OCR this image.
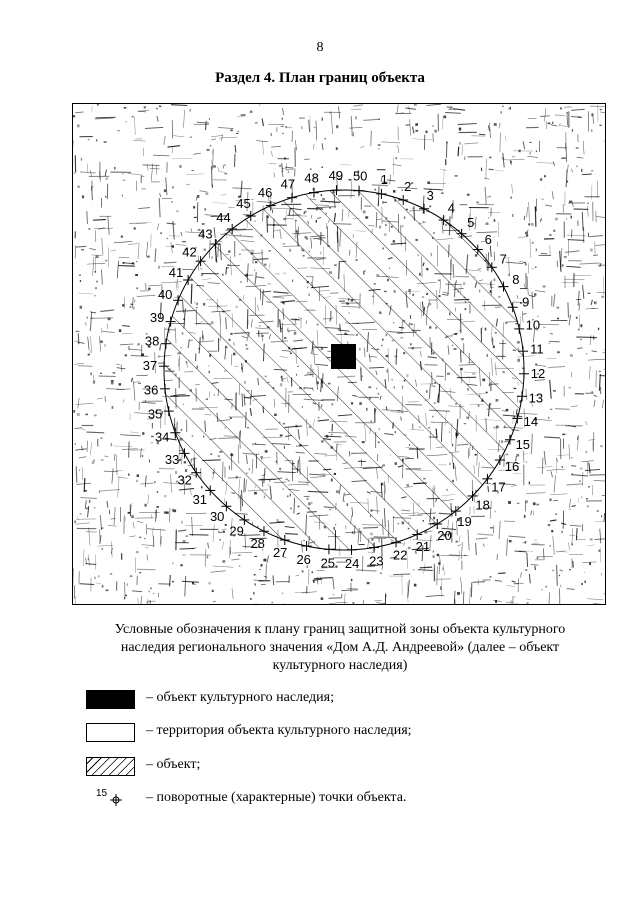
8
Раздел 4. План границ объекта
1 2
3
4
5
6
7
8
9
10
11
12
13
14
15
16
17
18
19
20
21
22
23
24
25
26
27
28
29
30
31
32
33
34
35
36
37
38
39
40
41
42
43
44
45
46
47 48 49 50
Условные обозначения к плану границ защитной зоны объекта культурного
наследия регионального значения «Дом А.Д. Андреевой» (далее – объект
культурного наследия)
– объект культурного наследия;
– территория объекта культурного наследия;
– объект;
15	– поворотные (характерные) точки объекта.
